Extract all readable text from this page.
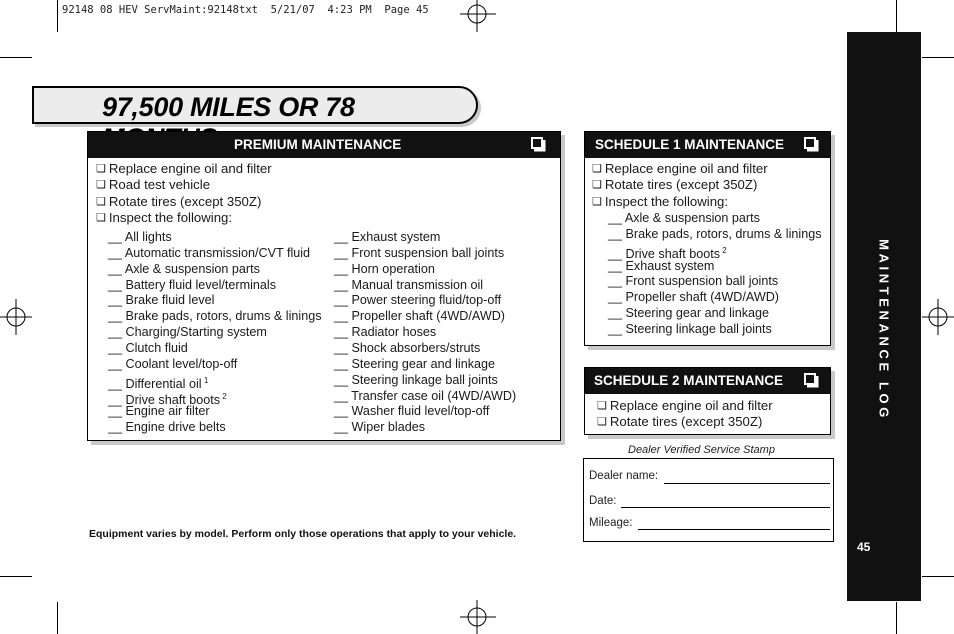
92148 08 HEV ServMaint:92148txt  5/21/07  4:23 PM  Page 45
97,500 MILES OR 78
PREMIUM MAINTENANCE
❏ Replace engine oil and filter
❏ Road test vehicle
❏ Rotate tires (except 350Z)
❏ Inspect the following:
__ All lights
__ Automatic transmission/CVT fluid
__ Axle & suspension parts
__ Battery fluid level/terminals
__ Brake fluid level
__ Brake pads, rotors, drums & linings
__ Charging/Starting system
__ Clutch fluid
__ Coolant level/top-off
__ Differential oil $^1$
__ Drive shaft boots $^2$
__ Engine air filter
__ Engine drive belts
__ Exhaust system
__ Front suspension ball joints
__ Horn operation
__ Manual transmission oil
__ Power steering fluid/top-off
__ Propeller shaft (4WD/AWD)
__ Radiator hoses
__ Shock absorbers/struts
__ Steering gear and linkage
__ Steering linkage ball joints
__ Transfer case oil (4WD/AWD)
__ Washer fluid level/top-off
__ Wiper blades
SCHEDULE 1 MAINTENANCE
❏ Replace engine oil and filter
❏ Rotate tires (except 350Z)
❏ Inspect the following:
__ Axle & suspension parts
__ Brake pads, rotors, drums & linings
__ Drive shaft boots $^2$
__ Exhaust system
__ Front suspension ball joints
__ Propeller shaft (4WD/AWD)
__ Steering gear and linkage
__ Steering linkage ball joints
SCHEDULE 2 MAINTENANCE
❏ Replace engine oil and filter
❏ Rotate tires (except 350Z)
Dealer Verified Service Stamp
Dealer name:
Date:
Mileage:
Equipment varies by model. Perform only those operations that apply to your vehicle.
MAINTENANCE LOG
45
